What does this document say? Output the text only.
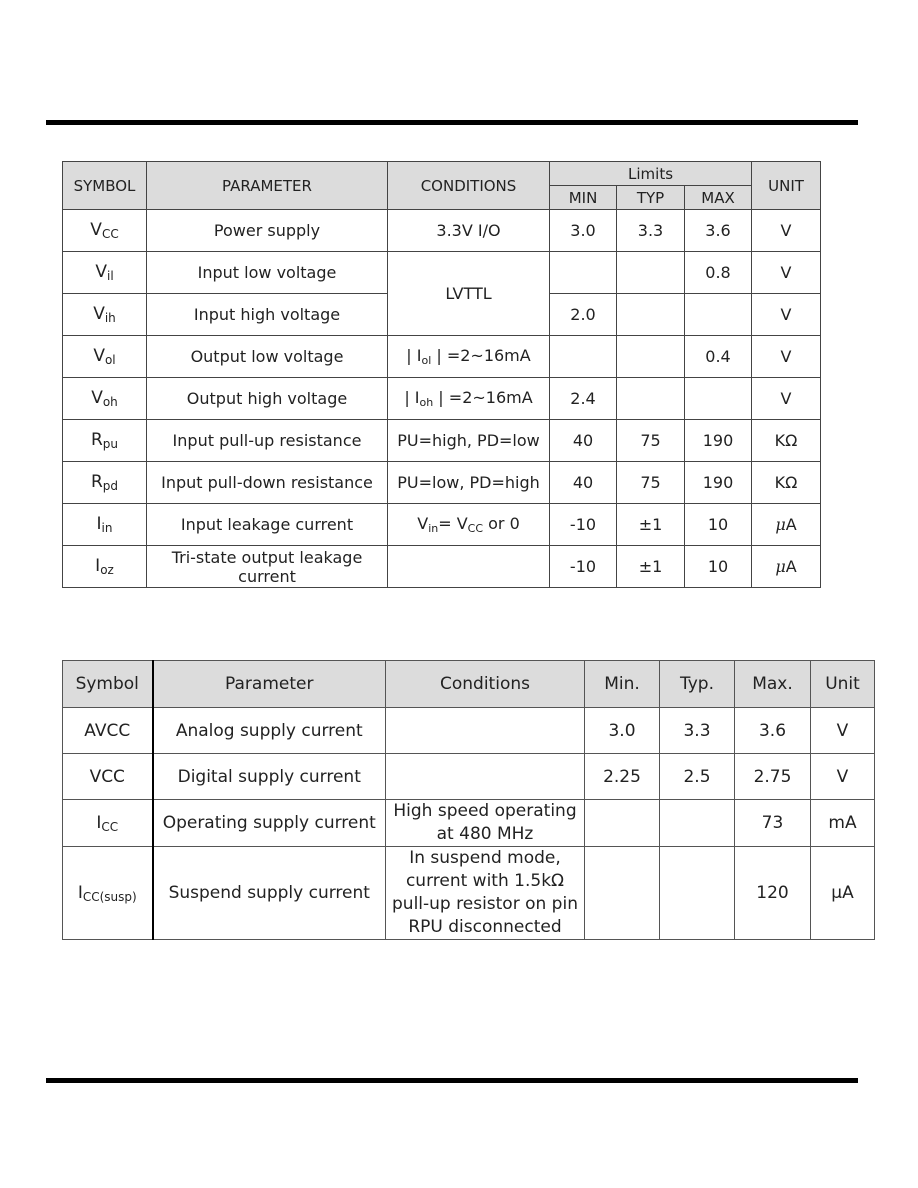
SYMBOL	PARAMETER	CONDITIONS	Limits			UNIT
			MIN	TYP	MAX	
$V_{CC}$	Power supply	3.3V I/O	3.0	3.3	3.6	V
$V_{il}$	Input low voltage	LVTTL			0.8	V
$V_{ih}$	Input high voltage		2.0			V
$V_{ol}$	Output low voltage	| $I_{ol}$ | =2~16mA			0.4	V
$V_{oh}$	Output high voltage	| $I_{oh}$ | =2~16mA	2.4			V
$R_{pu}$	Input pull-up resistance	PU=high, PD=low	40	75	190	KΩ
$R_{pd}$	Input pull-down resistance	PU=low, PD=high	40	75	190	KΩ
$I_{in}$	Input leakage current	$V_{in}= V_{CC}$ or 0	-10	±1	10	μA
$I_{oz}$	Tri-state output leakage current		-10	±1	10	μA
Symbol	Parameter	Conditions	Min.	Typ.	Max.	Unit
AVCC	Analog supply current		3.0	3.3	3.6	V
VCC	Digital supply current		2.25	2.5	2.75	V
$I_{CC}$	Operating supply current	High speed operating at 480 MHz			73	mA
$I_{CC(susp)}$	Suspend supply current	In suspend mode, current with 1.5kΩ pull-up resistor on pin RPU disconnected			120	µA
